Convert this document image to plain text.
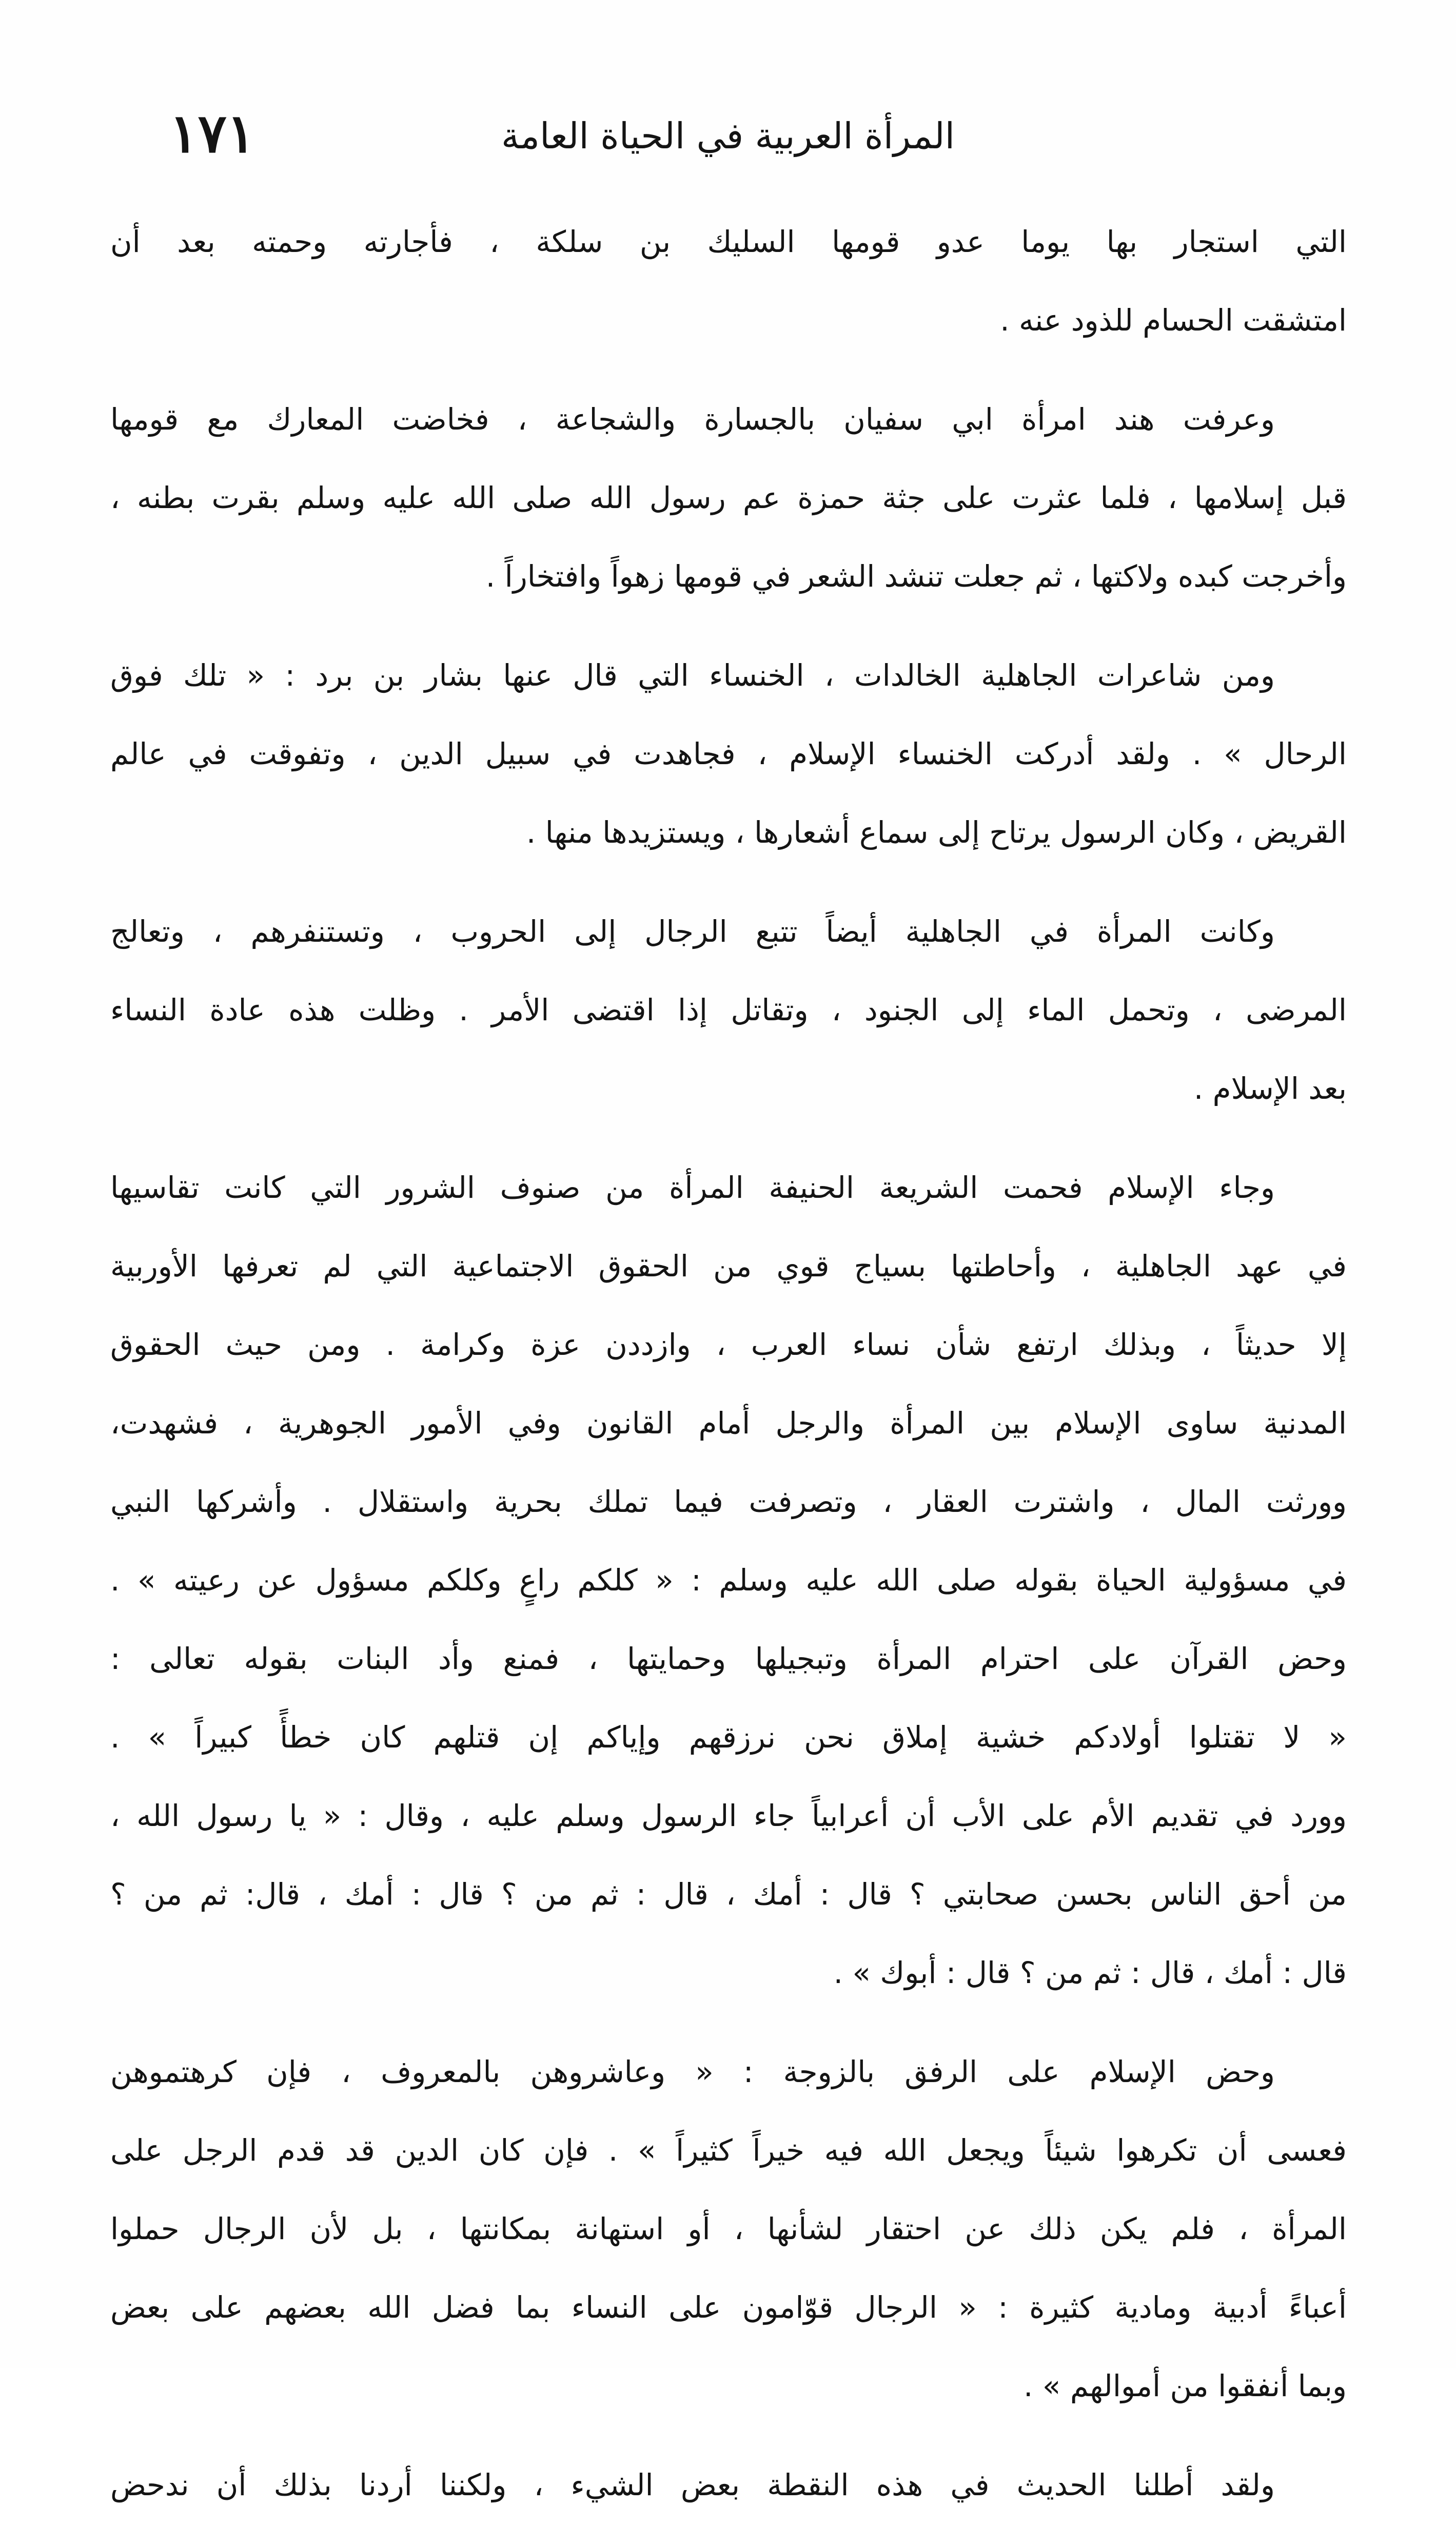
المرأة العربية في الحياة العامة
١٧١
التي استجار بها يوما عدو قومها السليك بن سلكة ، فأجارته وحمته بعد أن
امتشقت الحسام للذود عنه .
وعرفت هند امرأة ابي سفيان بالجسارة والشجاعة ، فخاضت المعارك مع قومها
قبل إسلامها ، فلما عثرت على جثة حمزة عم رسول الله صلى الله عليه وسلم بقرت بطنه ،
وأخرجت كبده ولاكتها ، ثم جعلت تنشد الشعر في قومها زهواً وافتخاراً .
ومن شاعرات الجاهلية الخالدات ، الخنساء التي قال عنها بشار بن برد : « تلك فوق
الرحال » . ولقد أدركت الخنساء الإسلام ، فجاهدت في سبيل الدين ، وتفوقت في عالم
القريض ، وكان الرسول يرتاح إلى سماع أشعارها ، ويستزيدها منها .
وكانت المرأة في الجاهلية أيضاً تتبع الرجال إلى الحروب ، وتستنفرهم ، وتعالج
المرضى ، وتحمل الماء إلى الجنود ، وتقاتل إذا اقتضى الأمر . وظلت هذه عادة النساء
بعد الإسلام .
وجاء الإسلام فحمت الشريعة الحنيفة المرأة من صنوف الشرور التي كانت تقاسيها
في عهد الجاهلية ، وأحاطتها بسياج قوي من الحقوق الاجتماعية التي لم تعرفها الأوربية
إلا حديثاً ، وبذلك ارتفع شأن نساء العرب ، وازددن عزة وكرامة . ومن حيث الحقوق
المدنية ساوى الإسلام بين المرأة والرجل أمام القانون وفي الأمور الجوهرية ، فشهدت،
وورثت المال ، واشترت العقار ، وتصرفت فيما تملك بحرية واستقلال . وأشركها النبي
في مسؤولية الحياة بقوله صلى الله عليه وسلم : « كلكم راعٍ وكلكم مسؤول عن رعيته » .
وحض القرآن على احترام المرأة وتبجيلها وحمايتها ، فمنع وأد البنات بقوله تعالى :
« لا تقتلوا أولادكم خشية إملاق نحن نرزقهم وإياكم إن قتلهم كان خطأً كبيراً » .
وورد في تقديم الأم على الأب أن أعرابياً جاء الرسول وسلم عليه ، وقال : « يا رسول الله ،
من أحق الناس بحسن صحابتي ؟ قال : أمك ، قال : ثم من ؟ قال : أمك ، قال: ثم من ؟
قال : أمك ، قال : ثم من ؟ قال : أبوك » .
وحض الإسلام على الرفق بالزوجة : « وعاشروهن بالمعروف ، فإن كرهتموهن
فعسى أن تكرهوا شيئاً ويجعل الله فيه خيراً كثيراً » . فإن كان الدين قد قدم الرجل على
المرأة ، فلم يكن ذلك عن احتقار لشأنها ، أو استهانة بمكانتها ، بل لأن الرجال حملوا
أعباءً أدبية ومادية كثيرة : « الرجال قوّامون على النساء بما فضل الله بعضهم على بعض
وبما أنفقوا من أموالهم » .
ولقد أطلنا الحديث في هذه النقطة بعض الشيء ، ولكننا أردنا بذلك أن ندحض
